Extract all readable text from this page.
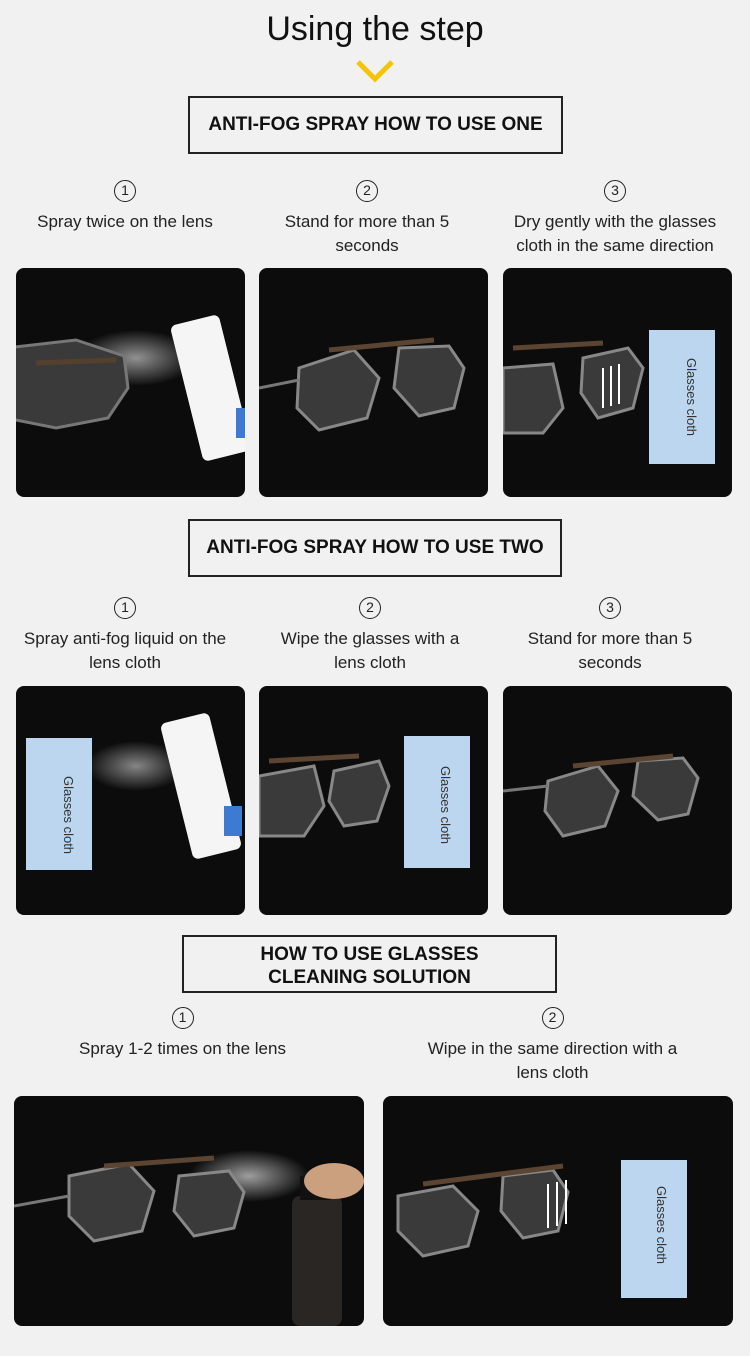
Using the step
ANTI-FOG SPRAY HOW TO USE ONE
1
Spray twice on the lens
2
Stand for more than 5 seconds
3
Dry gently with the glasses cloth in the same direction
Glasses cloth
ANTI-FOG SPRAY HOW TO USE TWO
1
Spray anti-fog liquid on the lens cloth
2
Wipe the glasses with a lens cloth
3
Stand for more than 5 seconds
Glasses cloth	Glasses cloth
HOW TO USE GLASSES
CLEANING SOLUTION
1
Spray 1-2 times on the lens
2
Wipe in the same direction with a lens cloth
Glasses cloth
